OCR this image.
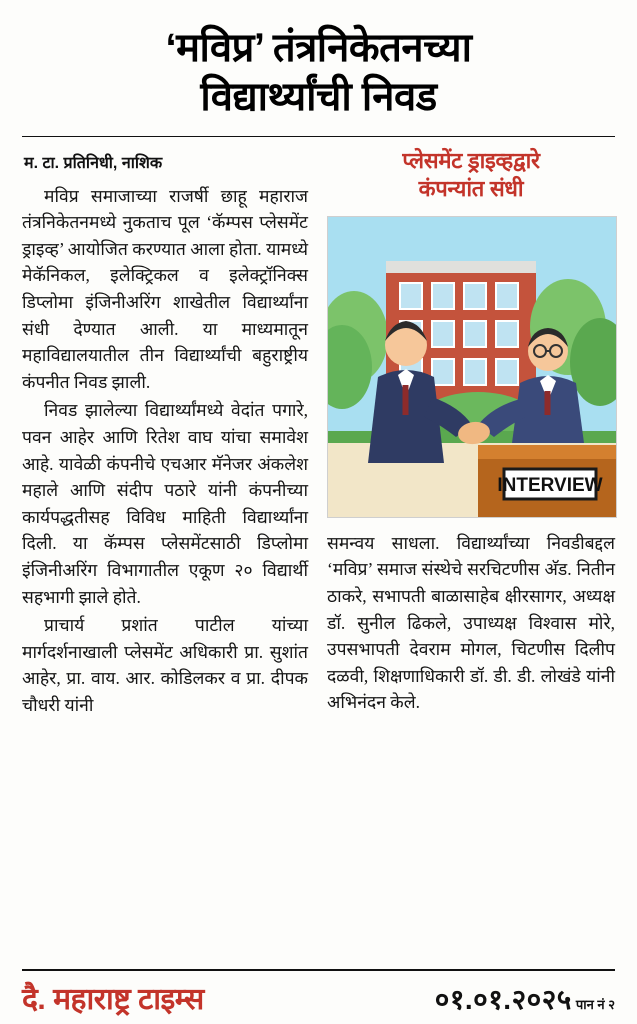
‘मविप्र’ तंत्रनिकेतनच्या
विद्यार्थ्यांची निवड
प्लेसमेंट ड्राइव्हद्वारे
कंपन्यांत संधी
INTERVIEW

समन्वय साधला. विद्यार्थ्यांच्या निवडीबद्दल ‘मविप्र’ समाज संस्थेचे सरचिटणीस अ‍ॅड. नितीन ठाकरे, सभापती बाळासाहेब क्षीरसागर, अध्यक्ष डॉ. सुनील ढिकले, उपाध्यक्ष विश्वास मोरे, उपसभापती देवराम मोगल, चिटणीस दिलीप दळवी, शिक्षणाधिकारी डॉ. डी. डी. लोखंडे यांनी अभिनंदन केले.

म. टा. प्रतिनिधी, नाशिक

मविप्र समाजाच्या राजर्षी छाहू महाराज तंत्रनिकेतनमध्ये नुकताच पूल ‘कॅम्पस प्लेसमेंट ड्राइव्ह’ आयोजित करण्यात आला होता. यामध्ये मेकॅनिकल, इलेक्ट्रिकल व इलेक्ट्रॉनिक्स डिप्लोमा इंजिनीअरिंग शाखेतील विद्यार्थ्यांना संधी देण्यात आली. या माध्यमातून महाविद्यालयातील तीन विद्यार्थ्यांची बहुराष्ट्रीय कंपनीत निवड झाली.

निवड झालेल्या विद्यार्थ्यांमध्ये वेदांत पगारे, पवन आहेर आणि रितेश वाघ यांचा समावेश आहे. यावेळी कंपनीचे एचआर मॅनेजर अंकलेश महाले आणि संदीप पठारे यांनी कंपनीच्या कार्यपद्धतीसह विविध माहिती विद्यार्थ्यांना दिली. या कॅम्पस प्लेसमेंटसाठी डिप्लोमा इंजिनीअरिंग विभागातील एकूण २० विद्यार्थी सहभागी झाले होते.

प्राचार्य प्रशांत पाटील यांच्या मार्गदर्शनाखाली प्लेसमेंट अधिकारी प्रा. सुशांत आहेर, प्रा. वाय. आर. कोडिलकर व प्रा. दीपक चौधरी यांनी

दै. महाराष्ट्र टाइम्स	०१.०१.२०२५ पान नं २
